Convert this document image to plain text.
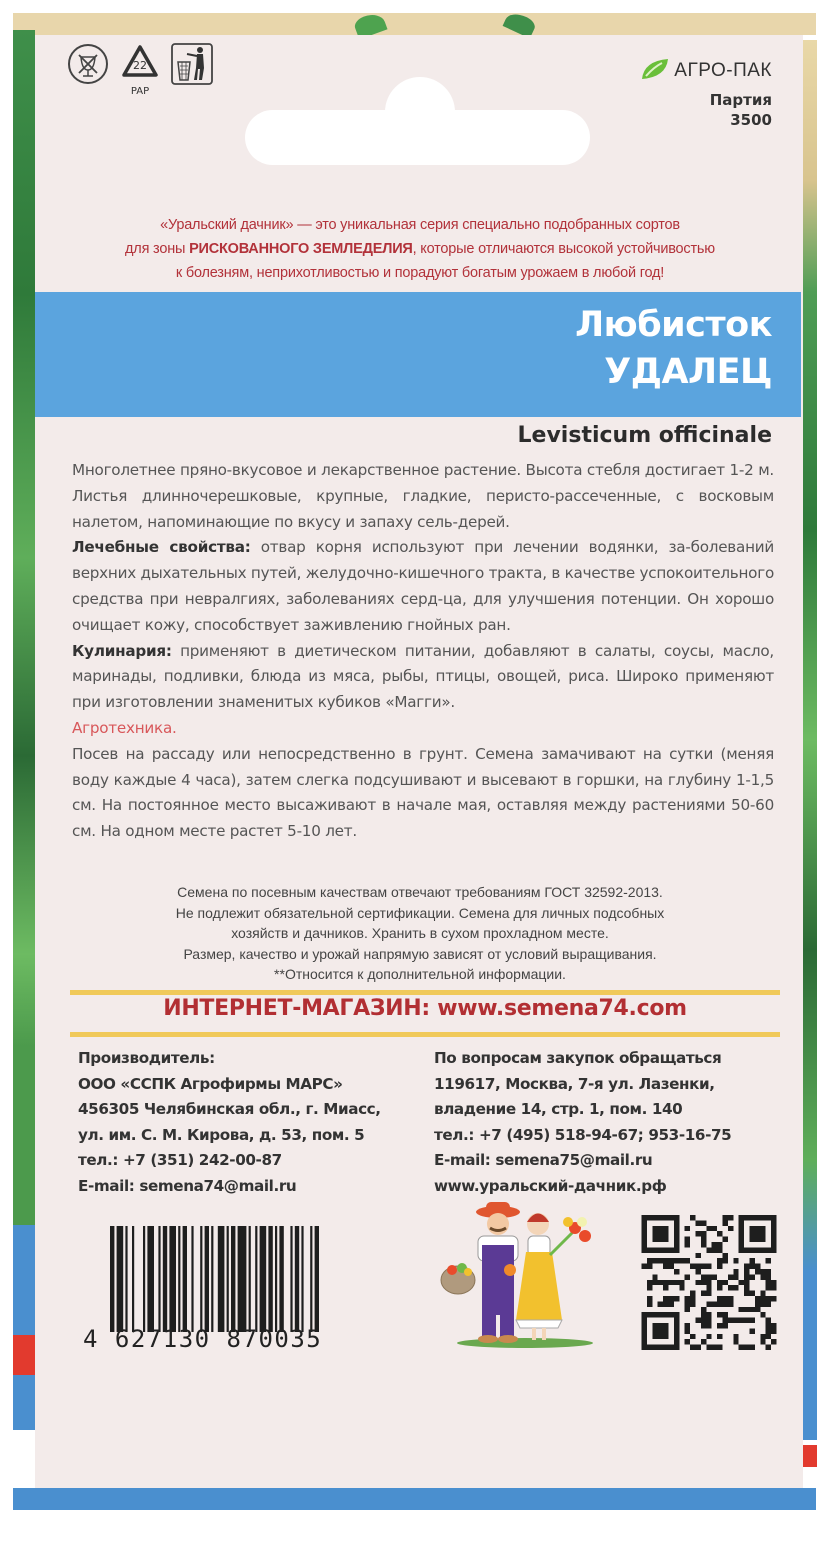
22
PAP
АГРО-ПАК
Партия
3500
«Уральский дачник» — это уникальная серия специально подобранных сортов
для зоны РИСКОВАННОГО ЗЕМЛЕДЕЛИЯ, которые отличаются высокой устойчивостью
к болезням, неприхотливостью и порадуют богатым урожаем в любой год!
Любисток
УДАЛЕЦ
Levisticum officinale

Многолетнее пряно-вкусовое и лекарственное растение. Высота стебля достигает 1-2 м. Листья длинночерешковые, крупные, гладкие, перисто-рассеченные, с восковым налетом, напоминающие по вкусу и запаху сель-дерей.

Лечебные свойства: отвар корня используют при лечении водянки, за-болеваний верхних дыхательных путей, желудочно-кишечного тракта, в качестве успокоительного средства при невралгиях, заболеваниях серд-ца, для улучшения потенции. Он хорошо очищает кожу, способствует заживлению гнойных ран.

Кулинария: применяют в диетическом питании, добавляют в салаты, соусы, масло, маринады, подливки, блюда из мяса, рыбы, птицы, овощей, риса. Широко применяют при изготовлении знаменитых кубиков «Магги».

Агротехника.

Посев на рассаду или непосредственно в грунт. Семена замачивают на сутки (меняя воду каждые 4 часа), затем слегка подсушивают и высевают в горшки, на глубину 1-1,5 см. На постоянное место высаживают в начале мая, оставляя между растениями 50-60 см. На одном месте растет 5-10 лет.

Семена по посевным качествам отвечают требованиям ГОСТ 32592-2013.
Не подлежит обязательной сертификации. Семена для личных подсобных
хозяйств и дачников. Хранить в сухом прохладном месте.
Размер, качество и урожай напрямую зависят от условий выращивания.
**Относится к дополнительной информации.
ИНТЕРНЕТ-МАГАЗИН: www.semena74.com
Производитель:
ООО «ССПК Агрофирмы МАРС»
456305 Челябинская обл., г. Миасс,
ул. им. С. М. Кирова, д. 53, пом. 5
тел.: +7 (351) 242-00-87
E-mail: semena74@mail.ru
По вопросам закупок обращаться
119617, Москва, 7-я ул. Лазенки,
владение 14, стр. 1, пом. 140
тел.: +7 (495) 518-94-67; 953-16-75
E-mail: semena75@mail.ru
www.уральский-дачник.рф
4 627130 870035
